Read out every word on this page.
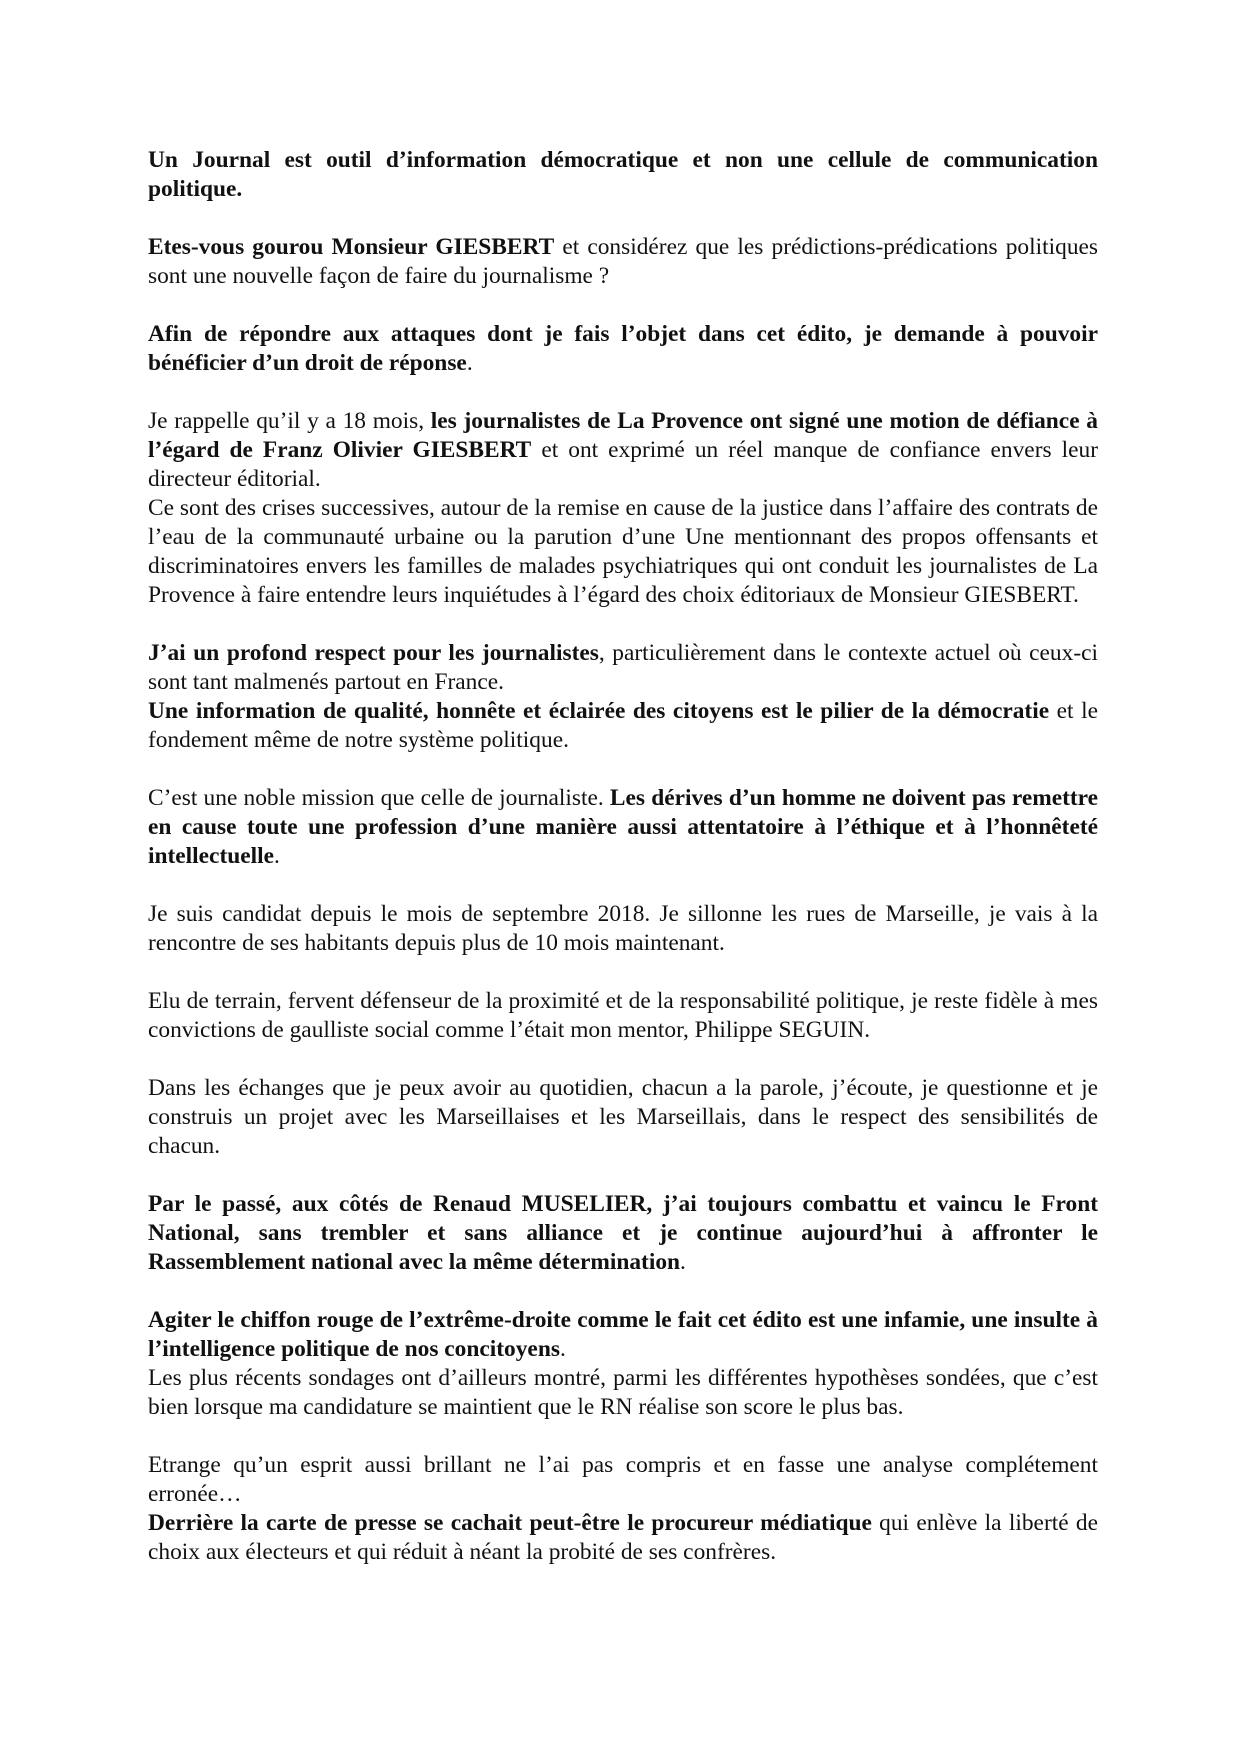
Un Journal est outil d’information démocratique et non une cellule de communication politique.

Etes-vous gourou Monsieur GIESBERT et considérez que les prédictions-prédications politiques sont une nouvelle façon de faire du journalisme ?

Afin de répondre aux attaques dont je fais l’objet dans cet édito, je demande à pouvoir bénéficier d’un droit de réponse.

Je rappelle qu’il y a 18 mois, les journalistes de La Provence ont signé une motion de défiance à l’égard de Franz Olivier GIESBERT et ont exprimé un réel manque de confiance envers leur directeur éditorial.

Ce sont des crises successives, autour de la remise en cause de la justice dans l’affaire des contrats de l’eau de la communauté urbaine ou la parution d’une Une mentionnant des propos offensants et discriminatoires envers les familles de malades psychiatriques qui ont conduit les journalistes de La Provence à faire entendre leurs inquiétudes à l’égard des choix éditoriaux de Monsieur GIESBERT.

J’ai un profond respect pour les journalistes, particulièrement dans le contexte actuel où ceux-ci sont tant malmenés partout en France.

Une information de qualité, honnête et éclairée des citoyens est le pilier de la démocratie et le fondement même de notre système politique.

C’est une noble mission que celle de journaliste. Les dérives d’un homme ne doivent pas remettre en cause toute une profession d’une manière aussi attentatoire à l’éthique et à l’honnêteté intellectuelle.

Je suis candidat depuis le mois de septembre 2018. Je sillonne les rues de Marseille, je vais à la rencontre de ses habitants depuis plus de 10 mois maintenant.

Elu de terrain, fervent défenseur de la proximité et de la responsabilité politique, je reste fidèle à mes convictions de gaulliste social comme l’était mon mentor, Philippe SEGUIN.

Dans les échanges que je peux avoir au quotidien, chacun a la parole, j’écoute, je questionne et je construis un projet avec les Marseillaises et les Marseillais, dans le respect des sensibilités de chacun.

Par le passé, aux côtés de Renaud MUSELIER, j’ai toujours combattu et vaincu le Front National, sans trembler et sans alliance et je continue aujourd’hui à affronter le Rassemblement national avec la même détermination.

Agiter le chiffon rouge de l’extrême-droite comme le fait cet édito est une infamie, une insulte à l’intelligence politique de nos concitoyens.

Les plus récents sondages ont d’ailleurs montré, parmi les différentes hypothèses sondées, que c’est bien lorsque ma candidature se maintient que le RN réalise son score le plus bas.

Etrange qu’un esprit aussi brillant ne l’ai pas compris et en fasse une analyse complétement erronée…

Derrière la carte de presse se cachait peut-être le procureur médiatique qui enlève la liberté de choix aux électeurs et qui réduit à néant la probité de ses confrères.
